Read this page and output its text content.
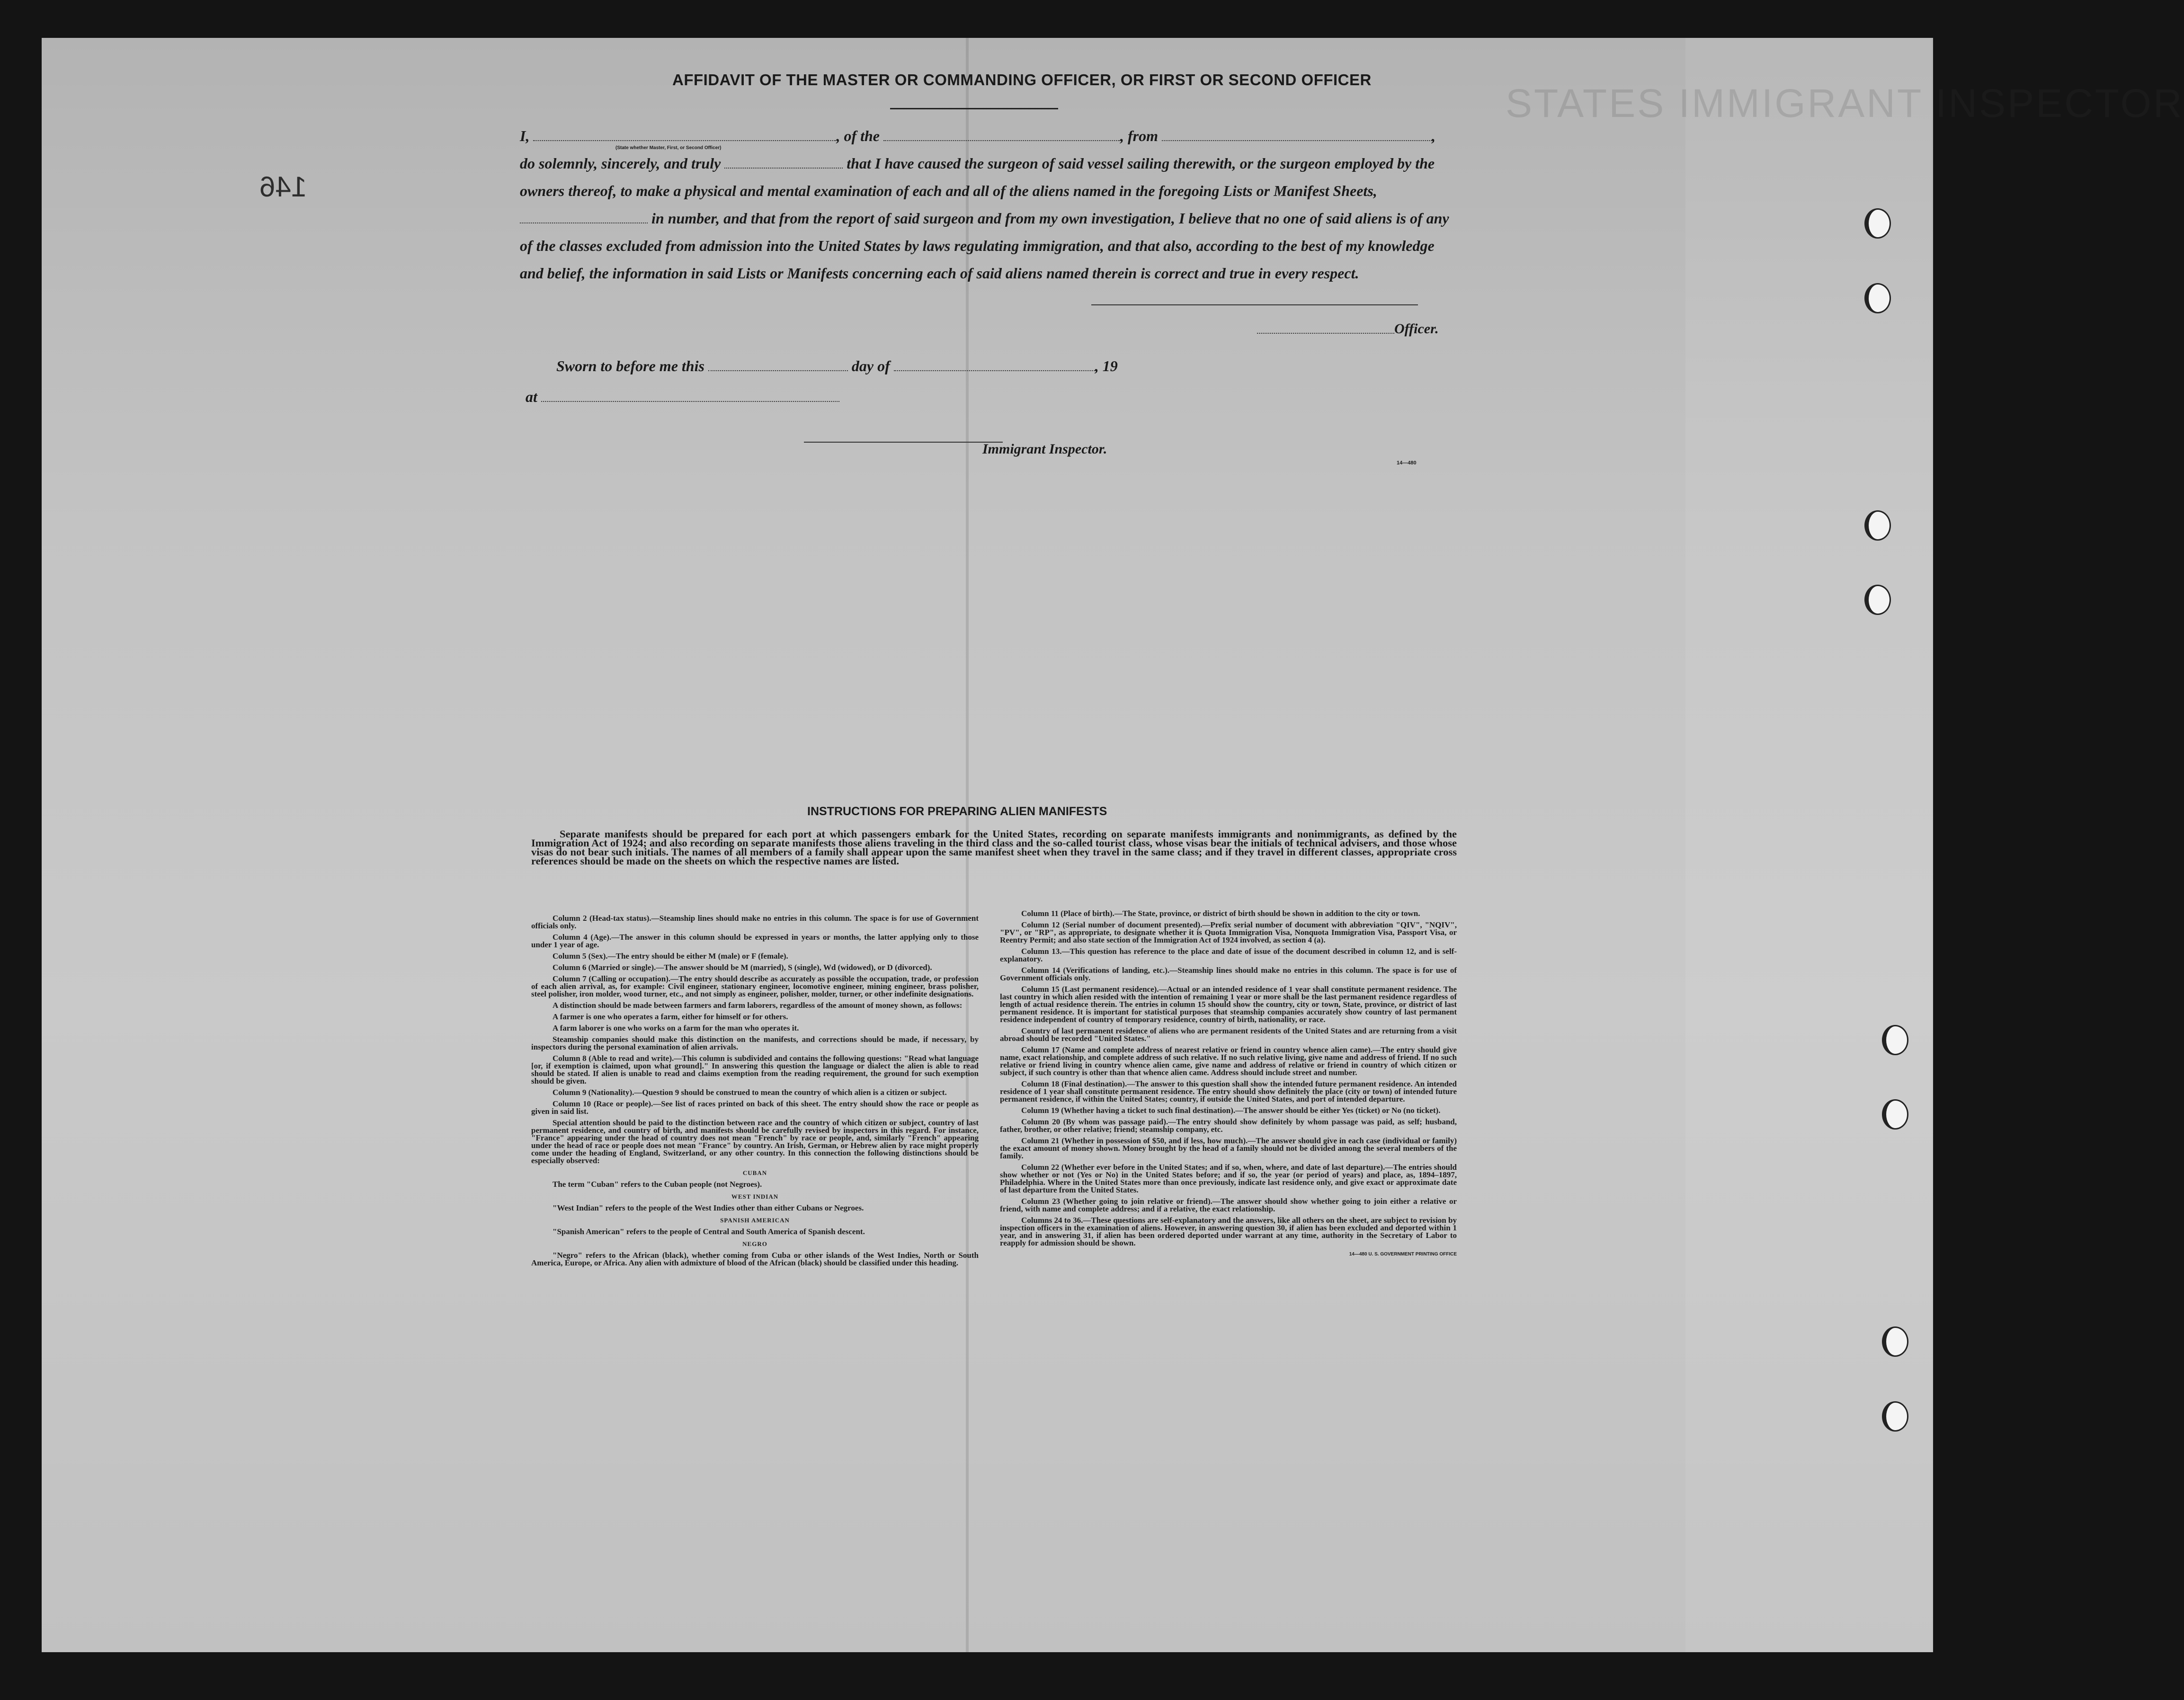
STATES IMMIGRANT INSPECTOR
146
AFFIDAVIT OF THE MASTER OR COMMANDING OFFICER, OR FIRST OR SECOND OFFICER
I,	, of the	, from	, do solemnly, sincerely, and truly	that I have caused the surgeon of said vessel sailing therewith, or the surgeon employed by the owners thereof, to make a physical and mental examination of each and all of the aliens named in the foregoing Lists or Manifest Sheets,  in number, and that from the report of said surgeon and from my own investigation, I believe that no one of said aliens is of any of the classes excluded from admission into the United States by laws regulating immigration, and that also, according to the best of my knowledge and belief, the information in said Lists or Manifests concerning each of said aliens named therein is correct and true in every respect.
(State whether Master, First, or Second Officer)
Officer.
Sworn to before me this	day of	, 19
at
Immigrant Inspector.
14—480
INSTRUCTIONS FOR PREPARING ALIEN MANIFESTS
Separate manifests should be prepared for each port at which passengers embark for the United States, recording on separate manifests immigrants and nonimmigrants, as defined by the Immigration Act of 1924; and also recording on separate manifests those aliens traveling in the third class and the so-called tourist class, whose visas bear the initials of technical advisers, and those whose visas do not bear such initials. The names of all members of a family shall appear upon the same manifest sheet when they travel in the same class; and if they travel in different classes, appropriate cross references should be made on the sheets on which the respective names are listed.

Column 2 (Head-tax status).—Steamship lines should make no entries in this column. The space is for use of Government officials only.

Column 4 (Age).—The answer in this column should be expressed in years or months, the latter applying only to those under 1 year of age.

Column 5 (Sex).—The entry should be either M (male) or F (female).

Column 6 (Married or single).—The answer should be M (married), S (single), Wd (widowed), or D (divorced).

Column 7 (Calling or occupation).—The entry should describe as accurately as possible the occupation, trade, or profession of each alien arrival, as, for example: Civil engineer, stationary engineer, locomotive engineer, mining engineer, brass polisher, steel polisher, iron molder, wood turner, etc., and not simply as engineer, polisher, molder, turner, or other indefinite designations.

A distinction should be made between farmers and farm laborers, regardless of the amount of money shown, as follows:

A farmer is one who operates a farm, either for himself or for others.

A farm laborer is one who works on a farm for the man who operates it.

Steamship companies should make this distinction on the manifests, and corrections should be made, if necessary, by inspectors during the personal examination of alien arrivals.

Column 8 (Able to read and write).—This column is subdivided and contains the following questions: "Read what language [or, if exemption is claimed, upon what ground]." In answering this question the language or dialect the alien is able to read should be stated. If alien is unable to read and claims exemption from the reading requirement, the ground for such exemption should be given.

Column 9 (Nationality).—Question 9 should be construed to mean the country of which alien is a citizen or subject.

Column 10 (Race or people).—See list of races printed on back of this sheet. The entry should show the race or people as given in said list.

Special attention should be paid to the distinction between race and the country of which citizen or subject, country of last permanent residence, and country of birth, and manifests should be carefully revised by inspectors in this regard. For instance, "France" appearing under the head of country does not mean "French" by race or people, and, similarly "French" appearing under the head of race or people does not mean "France" by country. An Irish, German, or Hebrew alien by race might properly come under the heading of England, Switzerland, or any other country. In this connection the following distinctions should be especially observed:

CUBAN

The term "Cuban" refers to the Cuban people (not Negroes).

WEST INDIAN

"West Indian" refers to the people of the West Indies other than either Cubans or Negroes.

SPANISH AMERICAN

"Spanish American" refers to the people of Central and South America of Spanish descent.

NEGRO

"Negro" refers to the African (black), whether coming from Cuba or other islands of the West Indies, North or South America, Europe, or Africa. Any alien with admixture of blood of the African (black) should be classified under this heading.

Column 11 (Place of birth).—The State, province, or district of birth should be shown in addition to the city or town.

Column 12 (Serial number of document presented).—Prefix serial number of document with abbreviation "QIV", "NQIV", "PV", or "RP", as appropriate, to designate whether it is Quota Immigration Visa, Nonquota Immigration Visa, Passport Visa, or Reentry Permit; and also state section of the Immigration Act of 1924 involved, as section 4 (a).

Column 13.—This question has reference to the place and date of issue of the document described in column 12, and is self-explanatory.

Column 14 (Verifications of landing, etc.).—Steamship lines should make no entries in this column. The space is for use of Government officials only.

Column 15 (Last permanent residence).—Actual or an intended residence of 1 year shall constitute permanent residence. The last country in which alien resided with the intention of remaining 1 year or more shall be the last permanent residence regardless of length of actual residence therein. The entries in column 15 should show the country, city or town, State, province, or district of last permanent residence. It is important for statistical purposes that steamship companies accurately show country of last permanent residence independent of country of temporary residence, country of birth, nationality, or race.

Country of last permanent residence of aliens who are permanent residents of the United States and are returning from a visit abroad should be recorded "United States."

Column 17 (Name and complete address of nearest relative or friend in country whence alien came).—The entry should give name, exact relationship, and complete address of such relative. If no such relative living, give name and address of friend. If no such relative or friend living in country whence alien came, give name and address of relative or friend in country of which citizen or subject, if such country is other than that whence alien came. Address should include street and number.

Column 18 (Final destination).—The answer to this question shall show the intended future permanent residence. An intended residence of 1 year shall constitute permanent residence. The entry should show definitely the place (city or town) of intended future permanent residence, if within the United States; country, if outside the United States, and port of intended departure.

Column 19 (Whether having a ticket to such final destination).—The answer should be either Yes (ticket) or No (no ticket).

Column 20 (By whom was passage paid).—The entry should show definitely by whom passage was paid, as self; husband, father, brother, or other relative; friend; steamship company, etc.

Column 21 (Whether in possession of $50, and if less, how much).—The answer should give in each case (individual or family) the exact amount of money shown. Money brought by the head of a family should not be divided among the several members of the family.

Column 22 (Whether ever before in the United States; and if so, when, where, and date of last departure).—The entries should show whether or not (Yes or No) in the United States before; and if so, the year (or period of years) and place, as, 1894–1897, Philadelphia. Where in the United States more than once previously, indicate last residence only, and give exact or approximate date of last departure from the United States.

Column 23 (Whether going to join relative or friend).—The answer should show whether going to join either a relative or friend, with name and complete address; and if a relative, the exact relationship.

Columns 24 to 36.—These questions are self-explanatory and the answers, like all others on the sheet, are subject to revision by inspection officers in the examination of aliens. However, in answering question 30, if alien has been excluded and deported within 1 year, and in answering 31, if alien has been ordered deported under warrant at any time, authority in the Secretary of Labor to reapply for admission should be shown.

14—480 U. S. GOVERNMENT PRINTING OFFICE
